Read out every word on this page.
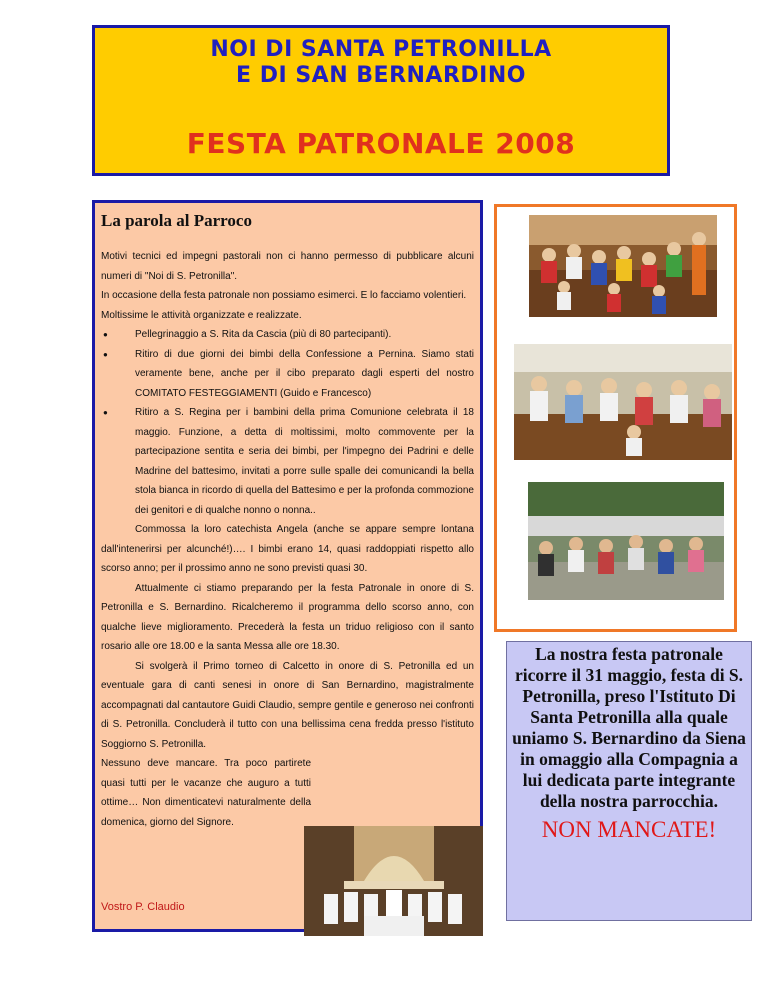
NOI DI SANTA PETRONILLA
E DI SAN BERNARDINO
FESTA PATRONALE 2008
La parola al Parroco

Motivi tecnici ed impegni pastorali non ci hanno permesso di pubblicare alcuni numeri di "Noi di S. Petronilla".

In occasione della festa patronale non possiamo esimerci. E lo facciamo volentieri.

Moltissime le attività organizzate e realizzate.

●	Pellegrinaggio a S. Rita da Cascia (più di 80 partecipanti).
●	Ritiro di due giorni dei bimbi della Confessione a Pernina. Siamo stati veramente bene, anche per il cibo preparato dagli esperti del nostro COMITATO FESTEGGIAMENTI (Guido e Francesco)
●	Ritiro a S. Regina per i bambini della prima Comunione celebrata il 18 maggio. Funzione, a detta di moltissimi, molto commovente per la partecipazione sentita e seria dei bimbi, per l'impegno dei Padrini e delle Madrine del battesimo, invitati a porre sulle spalle dei comunicandi la bella stola bianca in ricordo di quella del Battesimo e per la profonda commozione dei genitori e di qualche nonno o nonna..

Commossa la loro catechista Angela (anche se appare sempre lontana dall'intenerirsi per alcunché!)…. I bimbi erano 14, quasi raddoppiati rispetto allo scorso anno; per il prossimo anno ne sono previsti quasi 30.

Attualmente ci stiamo preparando per la festa Patronale in onore di S. Petronilla e S. Bernardino. Ricalcheremo il programma dello scorso anno, con qualche lieve miglioramento. Precederà la festa un triduo religioso con il santo rosario alle ore 18.00 e la santa Messa alle ore 18.30.

Si svolgerà il Primo torneo di Calcetto in onore di S. Petronilla ed un eventuale gara di canti senesi in onore di San Bernardino, magistralmente accompagnati dal cantautore Guidi Claudio, sempre gentile e generoso nei confronti di S. Petronilla. Concluderà il tutto con una bellissima cena fredda presso l'istituto Soggiorno S. Petronilla.

Nessuno deve mancare. Tra poco partirete quasi tutti per le vacanze che auguro a tutti ottime… Non dimenticatevi naturalmente della domenica, giorno del Signore.

Vostro P. Claudio
La nostra festa patronale ricorre il 31 maggio, festa di S. Petronilla, preso l'Istituto Di Santa Petronilla alla quale uniamo S. Bernardino da Siena in omaggio alla Compagnia a lui dedicata parte integrante della nostra parrocchia.
NON MANCATE!
